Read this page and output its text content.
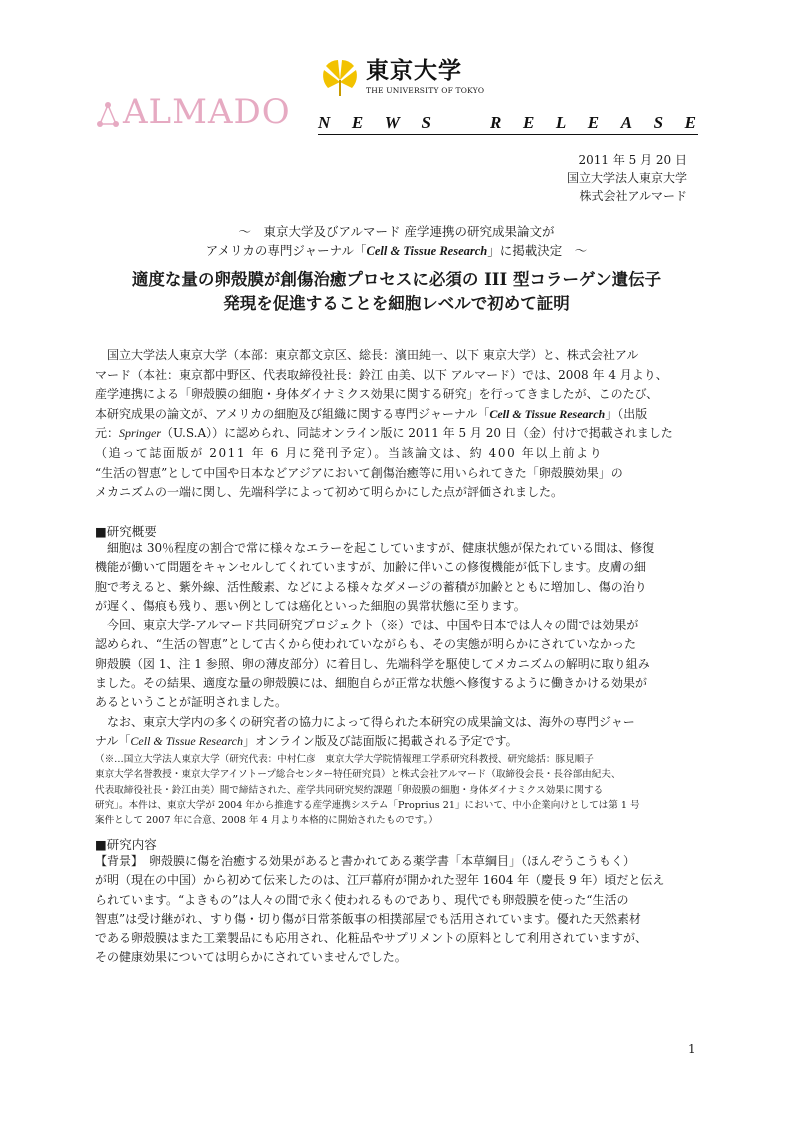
ALMADO
東京大学
THE UNIVERSITY OF TOKYO
N E W S	R E L E A S E
2011 年 5 月 20 日
国立大学法人東京大学
株式会社アルマード
～　東京大学及びアルマード 産学連携の研究成果論文が
アメリカの専門ジャーナル「Cell & Tissue Research」に掲載決定　～
適度な量の卵殻膜が創傷治癒プロセスに必須の III 型コラーゲン遺伝子
発現を促進することを細胞レベルで初めて証明
　国立大学法人東京大学（本部：東京都文京区、総長：濱田純一、以下 東京大学）と、株式会社アル
マード（本社：東京都中野区、代表取締役社長：鈴江 由美、以下 アルマード）では、2008 年 4 月より、
産学連携による「卵殻膜の細胞・身体ダイナミクス効果に関する研究」を行ってきましたが、このたび、
本研究成果の論文が、アメリカの細胞及び組織に関する専門ジャーナル「Cell & Tissue Research」（出版
元：Springer（U.S.A））に認められ、同誌オンライン版に 2011 年 5 月 20 日（金）付けで掲載されました
（追って誌面版が 2011 年 6 月に発刊予定）。当該論文は、約 400 年以上前より
“生活の智恵”として中国や日本などアジアにおいて創傷治癒等に用いられてきた「卵殻膜効果」の
メカニズムの一端に関し、先端科学によって初めて明らかにした点が評価されました。
■研究概要
　細胞は 30％程度の割合で常に様々なエラーを起こしていますが、健康状態が保たれている間は、修復
機能が働いて問題をキャンセルしてくれていますが、加齢に伴いこの修復機能が低下します。皮膚の細
胞で考えると、紫外線、活性酸素、などによる様々なダメージの蓄積が加齢とともに増加し、傷の治り
が遅く、傷痕も残り、悪い例としては癌化といった細胞の異常状態に至ります。
　今回、東京大学-アルマード共同研究プロジェクト（※）では、中国や日本では人々の間では効果が
認められ、“生活の智恵”として古くから使われていながらも、その実態が明らかにされていなかった
卵殻膜（図 1、注 1 参照、卵の薄皮部分）に着目し、先端科学を駆使してメカニズムの解明に取り組み
ました。その結果、適度な量の卵殻膜には、細胞自らが正常な状態へ修復するように働きかける効果が
あるということが証明されました。
　なお、東京大学内の多くの研究者の協力によって得られた本研究の成果論文は、海外の専門ジャー
ナル「Cell & Tissue Research」オンライン版及び誌面版に掲載される予定です。
（※…国立大学法人東京大学（研究代表：中村仁彦　東京大学大学院情報理工学系研究科教授、研究総括：豚見順子
東京大学名誉教授・東京大学アイソトープ総合センター特任研究員）と株式会社アルマード（取締役会長・長谷部由紀夫、
代表取締役社長・鈴江由美）間で締結された、産学共同研究契約課題「卵殻膜の細胞・身体ダイナミクス効果に関する
研究」。本件は、東京大学が 2004 年から推進する産学連携システム「Proprius 21」において、中小企業向けとしては第 1 号
案件として 2007 年に合意、2008 年 4 月より本格的に開始されたものです。）
■研究内容
【背景】　卵殻膜に傷を治癒する効果があると書かれてある薬学書「本草綱目」（ほんぞうこうもく）
が明（現在の中国）から初めて伝来したのは、江戸幕府が開かれた翌年 1604 年（慶長 9 年）頃だと伝え
られています。“よきもの”は人々の間で永く使われるものであり、現代でも卵殻膜を使った“生活の
智恵”は受け継がれ、すり傷・切り傷が日常茶飯事の相撲部屋でも活用されています。優れた天然素材
である卵殻膜はまた工業製品にも応用され、化粧品やサプリメントの原料として利用されていますが、
その健康効果については明らかにされていませんでした。
1
